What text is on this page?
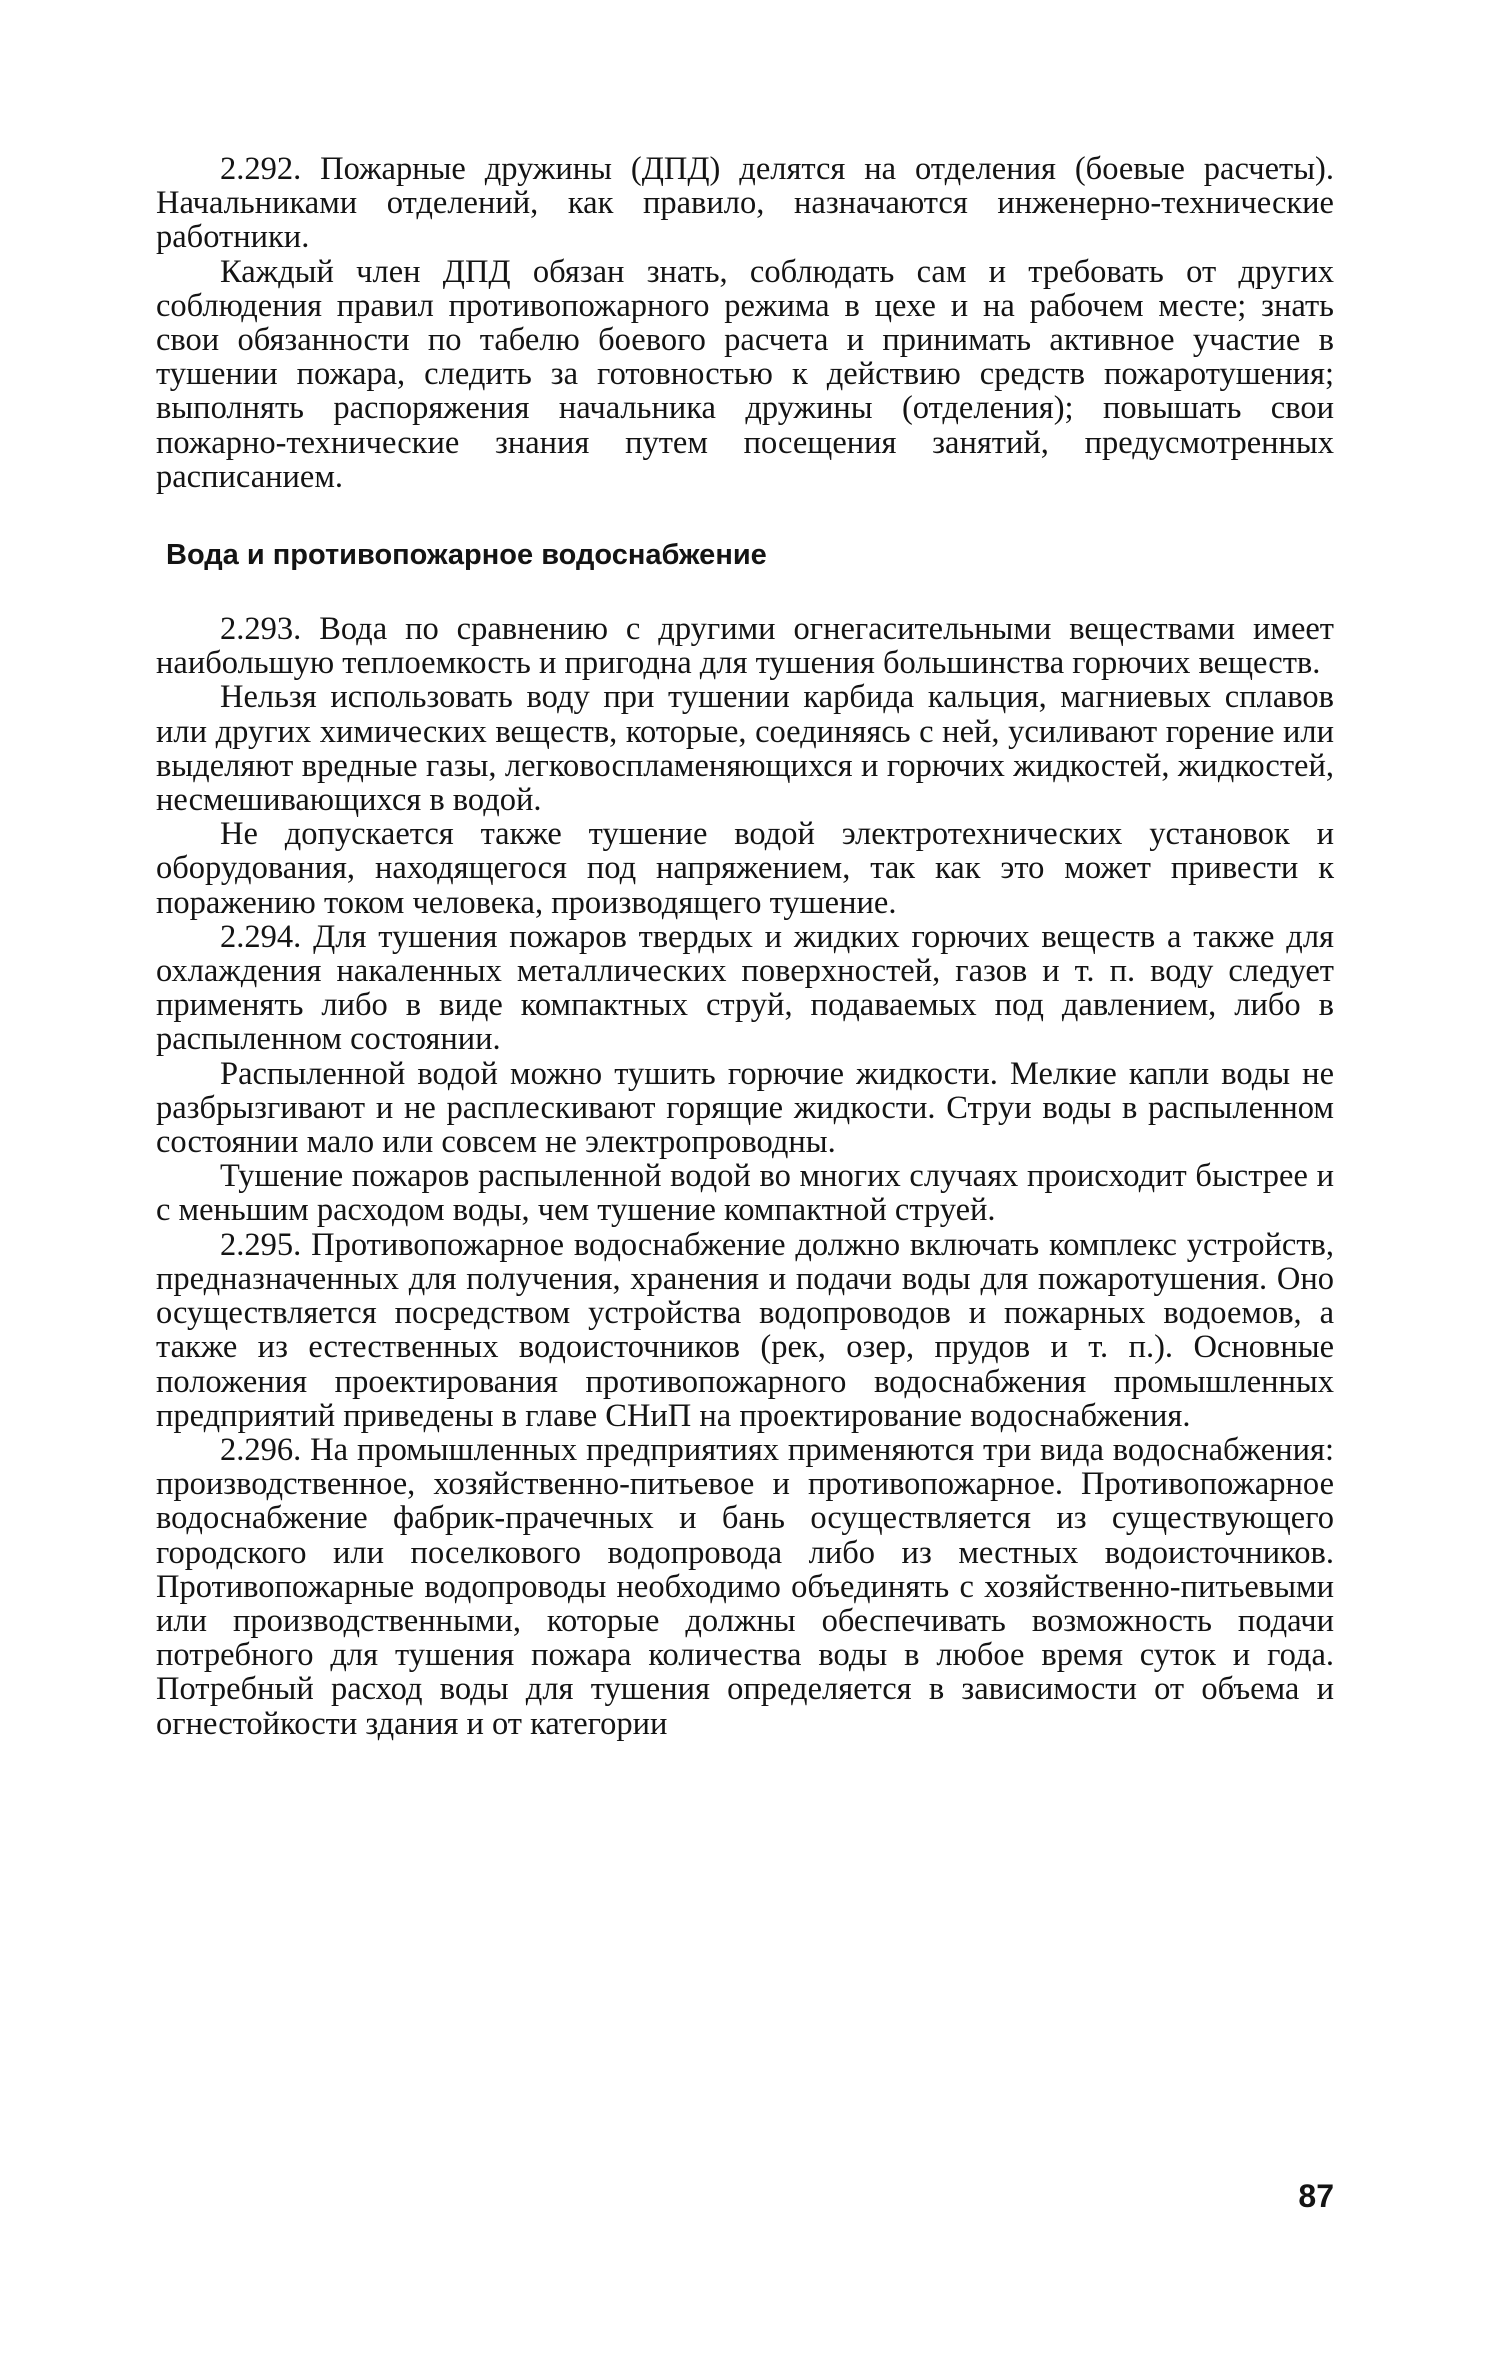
2.292. Пожарные дружины (ДПД) делятся на отделения (боевые расчеты). Начальниками отделений, как правило, назначаются инженерно-технические работники.

Каждый член ДПД обязан знать, соблюдать сам и требовать от других соблюдения правил противопожарного режима в цехе и на рабочем месте; знать свои обязанности по табелю боевого расчета и принимать активное участие в тушении пожара, следить за готовностью к действию средств пожаротушения; выполнять распоряжения начальника дружины (отделения); повышать свои пожарно-технические знания путем посещения занятий, предусмотренных расписанием.

Вода и противопожарное водоснабжение

2.293. Вода по сравнению с другими огнегасительными веществами имеет наибольшую теплоемкость и пригодна для тушения большинства горючих веществ.

Нельзя использовать воду при тушении карбида кальция, магниевых сплавов или других химических веществ, которые, соединяясь с ней, усиливают горение или выделяют вредные газы, легковоспламеняющихся и горючих жидкостей, жидкостей, несмешивающихся в водой.

Не допускается также тушение водой электротехнических установок и оборудования, находящегося под напряжением, так как это может привести к поражению током человека, производящего тушение.

2.294. Для тушения пожаров твердых и жидких горючих веществ а также для охлаждения накаленных металлических поверхностей, газов и т. п. воду следует применять либо в виде компактных струй, подаваемых под давлением, либо в распыленном состоянии.

Распыленной водой можно тушить горючие жидкости. Мелкие капли воды не разбрызгивают и не расплескивают горящие жидкости. Струи воды в распыленном состоянии мало или совсем не электропроводны.

Тушение пожаров распыленной водой во многих случаях происходит быстрее и с меньшим расходом воды, чем тушение компактной струей.

2.295. Противопожарное водоснабжение должно включать комплекс устройств, предназначенных для получения, хранения и подачи воды для пожаротушения. Оно осуществляется посредством устройства водопроводов и пожарных водоемов, а также из естественных водоисточников (рек, озер, прудов и т. п.). Основные положения проектирования противопожарного водоснабжения промышленных предприятий приведены в главе СНиП на проектирование водоснабжения.

2.296. На промышленных предприятиях применяются три вида водоснабжения: производственное, хозяйственно-питьевое и противопожарное. Противопожарное водоснабжение фабрик-прачечных и бань осуществляется из существующего городского или поселкового водопровода либо из местных водоисточников. Противопожарные водопроводы необходимо объединять с хозяйственно-питьевыми или производственными, которые должны обеспечивать возможность подачи потребного для тушения пожара количества воды в любое время суток и года. Потребный расход воды для тушения определяется в зависимости от объема и огнестойкости здания и от категории

87
